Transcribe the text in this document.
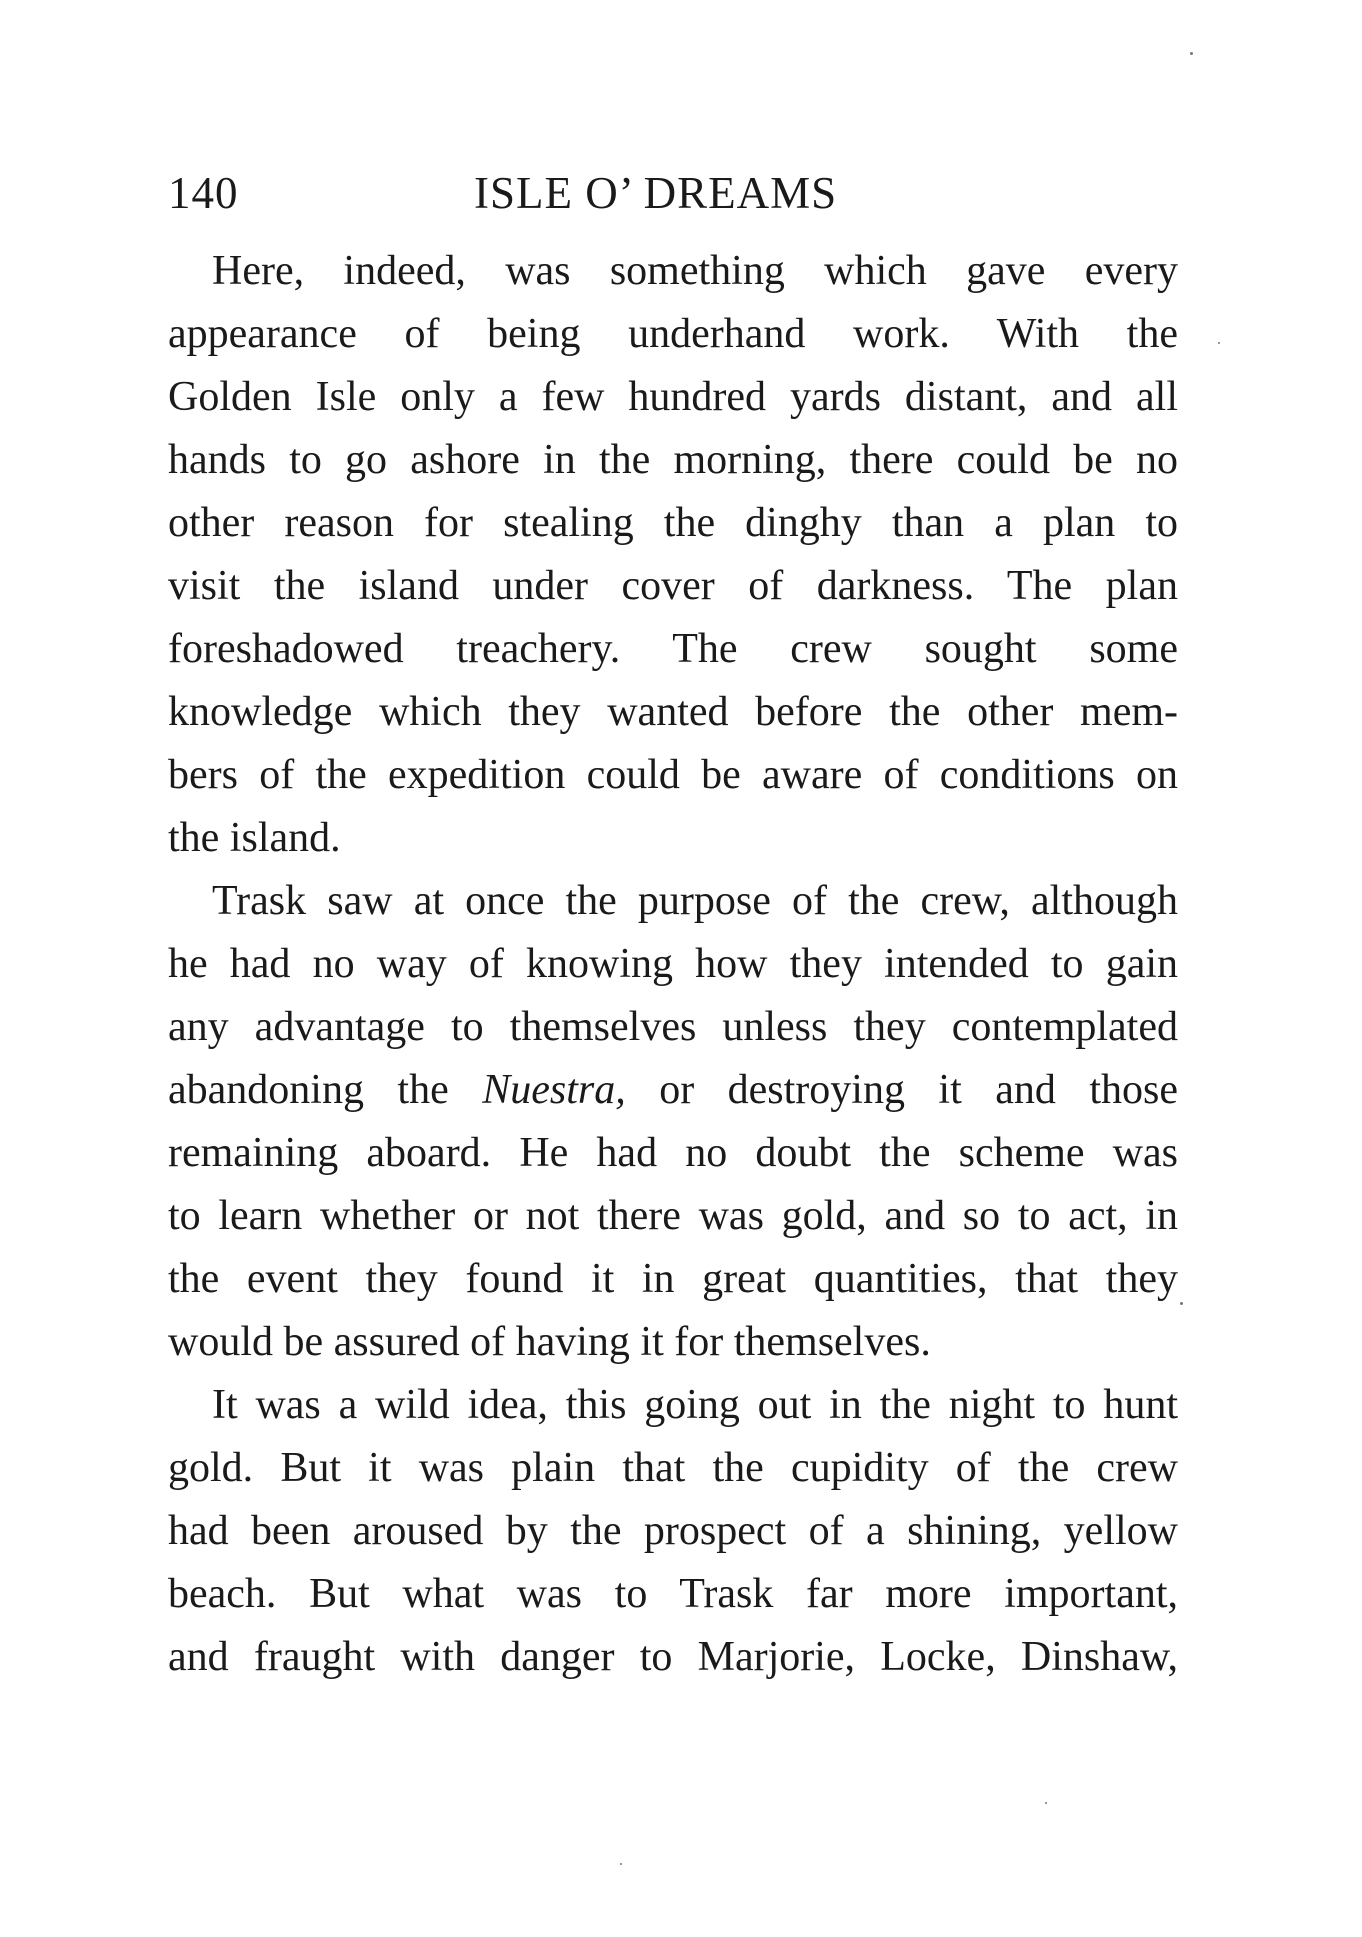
140	ISLE O’ DREAMS
Here, indeed, was something which gave every
appearance of being underhand work. With the
Golden Isle only a few hundred yards distant, and all
hands to go ashore in the morning, there could be no
other reason for stealing the dinghy than a plan to
visit the island under cover of darkness. The plan
foreshadowed treachery. The crew sought some
knowledge which they wanted before the other mem-
bers of the expedition could be aware of conditions on
the island.
Trask saw at once the purpose of the crew, although
he had no way of knowing how they intended to gain
any advantage to themselves unless they contemplated
abandoning the Nuestra, or destroying it and those
remaining aboard. He had no doubt the scheme was
to learn whether or not there was gold, and so to act, in
the event they found it in great quantities, that they
would be assured of having it for themselves.
It was a wild idea, this going out in the night to hunt
gold. But it was plain that the cupidity of the crew
had been aroused by the prospect of a shining, yellow
beach. But what was to Trask far more important,
and fraught with danger to Marjorie, Locke, Dinshaw,
